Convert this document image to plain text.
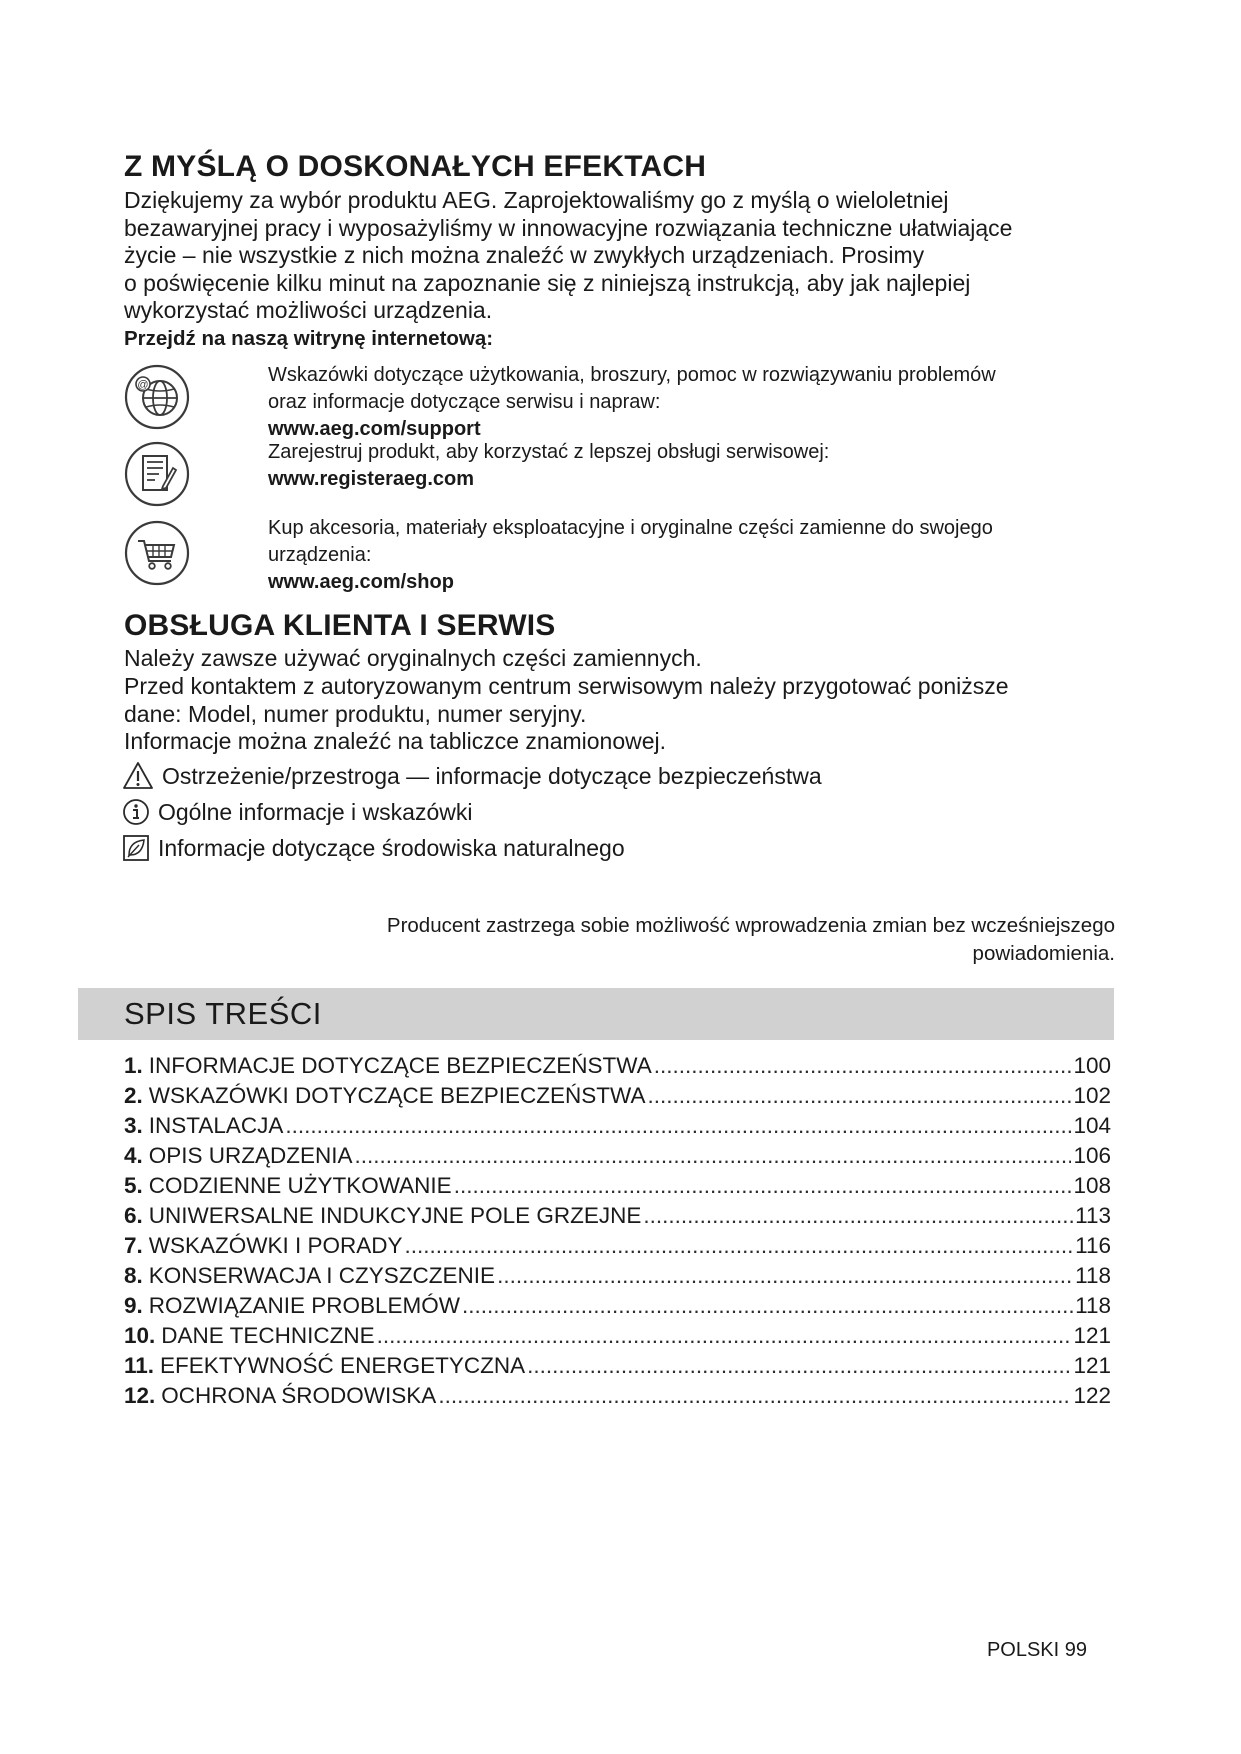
Z MYŚLĄ O DOSKONAŁYCH EFEKTACH
Dziękujemy za wybór produktu AEG. Zaprojektowaliśmy go z myślą o wieloletniej
bezawaryjnej pracy i wyposażyliśmy w innowacyjne rozwiązania techniczne ułatwiające
życie – nie wszystkie z nich można znaleźć w zwykłych urządzeniach. Prosimy
o poświęcenie kilku minut na zapoznanie się z niniejszą instrukcją, aby jak najlepiej
wykorzystać możliwości urządzenia.
Przejdź na naszą witrynę internetową:
@	Wskazówki dotyczące użytkowania, broszury, pomoc w rozwiązywaniu problemów
oraz informacje dotyczące serwisu i napraw:
www.aeg.com/support
Zarejestruj produkt, aby korzystać z lepszej obsługi serwisowej:
www.registeraeg.com
Kup akcesoria, materiały eksploatacyjne i oryginalne części zamienne do swojego
urządzenia:
www.aeg.com/shop
OBSŁUGA KLIENTA I SERWIS
Należy zawsze używać oryginalnych części zamiennych.
Przed kontaktem z autoryzowanym centrum serwisowym należy przygotować poniższe
dane: Model, numer produktu, numer seryjny.
Informacje można znaleźć na tabliczce znamionowej.
Ostrzeżenie/przestroga — informacje dotyczące bezpieczeństwa
Ogólne informacje i wskazówki
Informacje dotyczące środowiska naturalnego
Producent zastrzega sobie możliwość wprowadzenia zmian bez wcześniejszego
powiadomienia.
SPIS TREŚCI
1. INFORMACJE DOTYCZĄCE BEZPIECZEŃSTWA .....	100
2. WSKAZÓWKI DOTYCZĄCE BEZPIECZEŃSTWA .....	102
3. INSTALACJA .....	104
4. OPIS URZĄDZENIA .....	106
5. CODZIENNE UŻYTKOWANIE .....	108
6. UNIWERSALNE INDUKCYJNE POLE GRZEJNE .....	113
7. WSKAZÓWKI I PORADY .....	116
8. KONSERWACJA I CZYSZCZENIE .....	118
9. ROZWIĄZANIE PROBLEMÓW .....	118
10. DANE TECHNICZNE .....	121
11. EFEKTYWNOŚĆ ENERGETYCZNA .....	121
12. OCHRONA ŚRODOWISKA .....	122
POLSKI 99
